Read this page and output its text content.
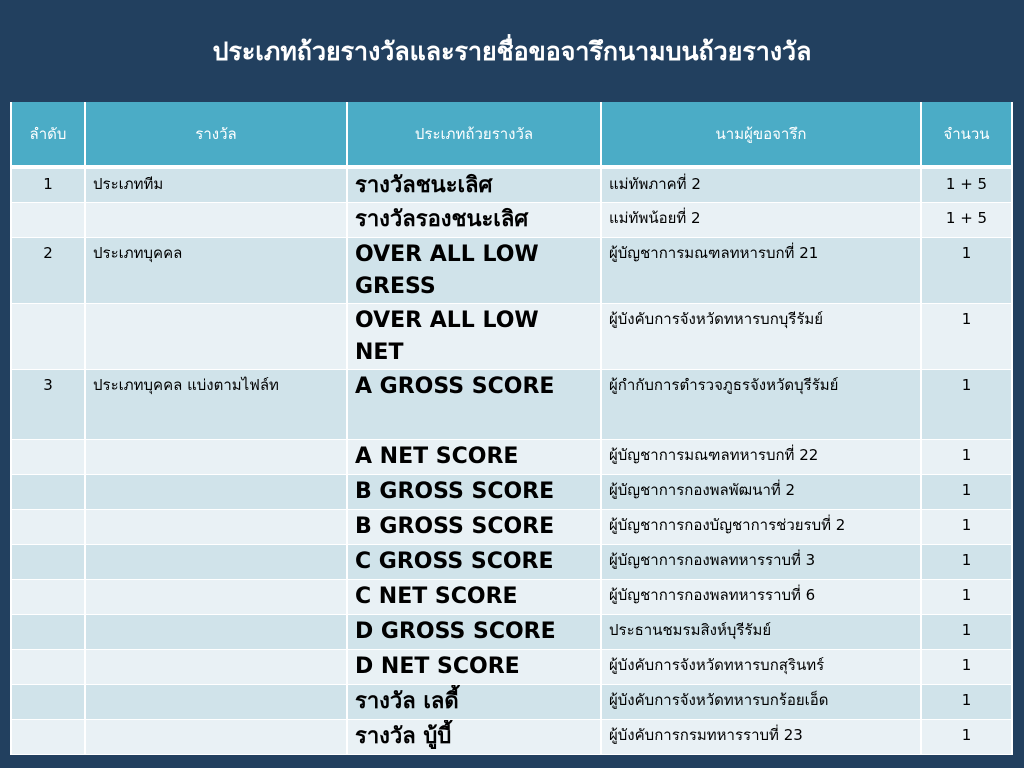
ประเภทถ้วยรางวัลและรายชื่อขอจารึกนามบนถ้วยรางวัล
ลำดับ	รางวัล	ประเภทถ้วยรางวัล	นามผู้ขอจารึก	จำนวน
1	ประเภททีม	รางวัลชนะเลิศ	แม่ทัพภาคที่ 2	1 + 5
		รางวัลรองชนะเลิศ	แม่ทัพน้อยที่ 2	1 + 5
2	ประเภทบุคคล	OVER ALL LOW GRESS	ผู้บัญชาการมณฑลทหารบกที่ 21	1
		OVER ALL LOW NET	ผู้บังคับการจังหวัดทหารบกบุรีรัมย์	1
3	ประเภทบุคคล แบ่งตามไฟล์ท	A GROSS SCORE	ผู้กำกับการตำรวจภูธรจังหวัดบุรีรัมย์	1
		A NET SCORE	ผู้บัญชาการมณฑลทหารบกที่ 22	1
		B GROSS SCORE	ผู้บัญชาการกองพลพัฒนาที่ 2	1
		B GROSS SCORE	ผู้บัญชาการกองบัญชาการช่วยรบที่ 2	1
		C GROSS SCORE	ผู้บัญชาการกองพลทหารราบที่ 3	1
		C NET SCORE	ผู้บัญชาการกองพลทหารราบที่ 6	1
		D GROSS SCORE	ประธานชมรมสิงห์บุรีรัมย์	1
		D NET SCORE	ผู้บังคับการจังหวัดทหารบกสุรินทร์	1
		รางวัล เลดี้	ผู้บังคับการจังหวัดทหารบกร้อยเอ็ด	1
		รางวัล บู้บี้	ผู้บังคับการกรมทหารราบที่ 23	1
